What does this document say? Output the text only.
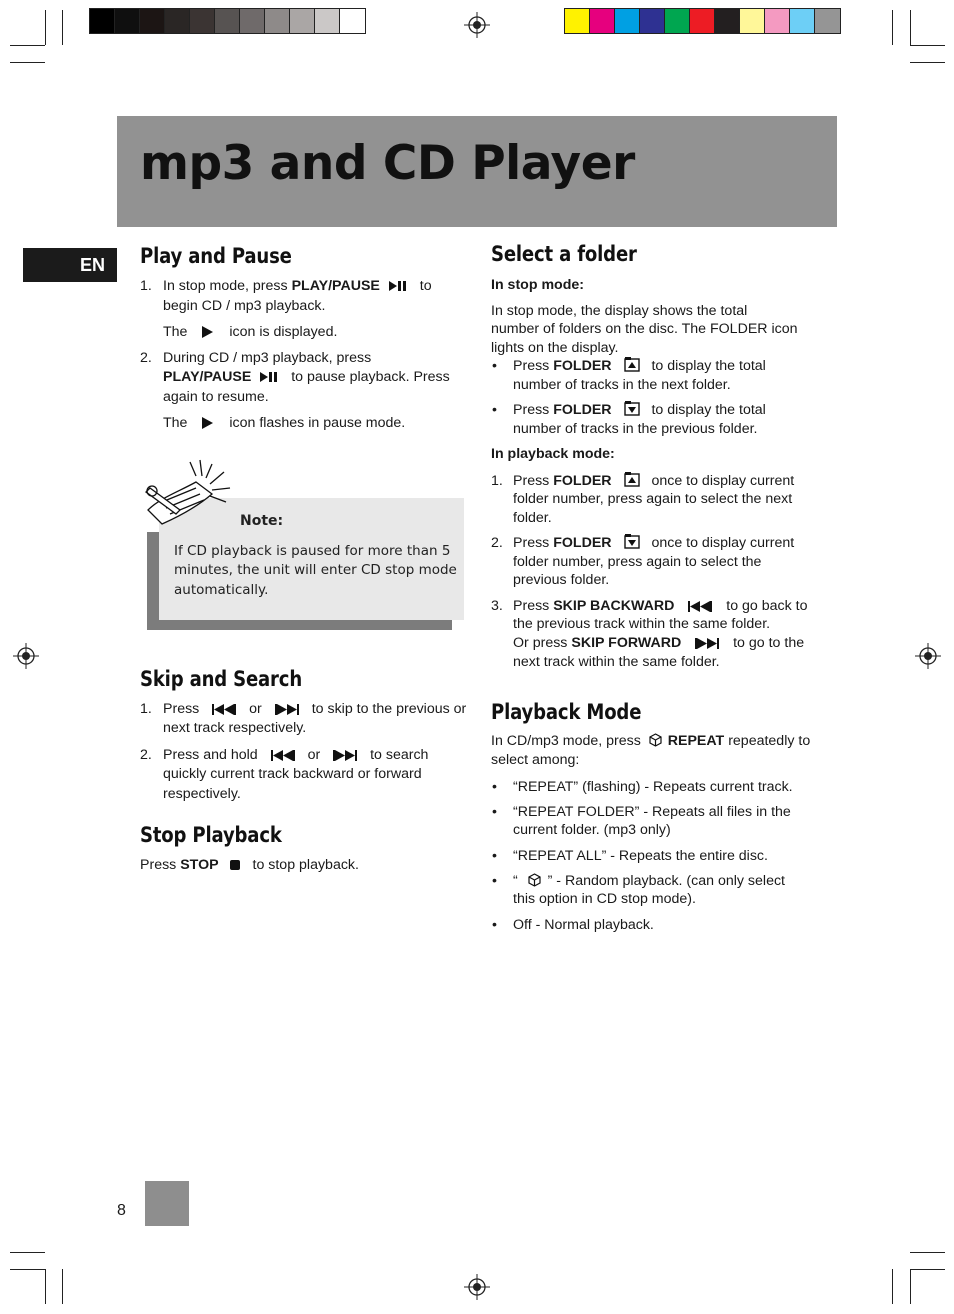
mp3 and CD Player
EN	Play and Pause
1. In stop mode, press PLAY/PAUSE	to
begin CD / mp3 playback.
The	icon is displayed.
2. During CD / mp3 playback, press
PLAY/PAUSE	to pause playback. Press
again to resume.
The	icon flashes in pause mode.
Note:
If CD playback is paused for more than 5
minutes, the unit will enter CD stop mode
automatically.
Skip and Search
1. Press	or	to skip to the previous or
next track respectively.
2. Press and hold	or	to search
quickly current track backward or forward
respectively.
Stop Playback
Press STOP to stop playback.
Select a folder
In stop mode:
In stop mode, the display shows the total
number of folders on the disc. The FOLDER icon
lights on the display.
• Press FOLDER	to display the total
number of tracks in the next folder.
• Press FOLDER	to display the total
number of tracks in the previous folder.
In playback mode:
1. Press FOLDER	once to display current
folder number, press again to select the next
folder.
2. Press FOLDER	once to display current
folder number, press again to select the
previous folder.
3. Press SKIP BACKWARD	to go back to
the previous track within the same folder.
Or press SKIP FORWARD	to go to the
next track within the same folder.
Playback Mode
In CD/mp3 mode, press REPEAT repeatedly to
select among:
• “REPEAT” (flashing) - Repeats current track.
• “REPEAT FOLDER” - Repeats all files in the
current folder. (mp3 only)
• “REPEAT ALL” - Repeats the entire disc.
• “ ” - Random playback. (can only select
this option in CD stop mode).
• Off - Normal playback.
8
